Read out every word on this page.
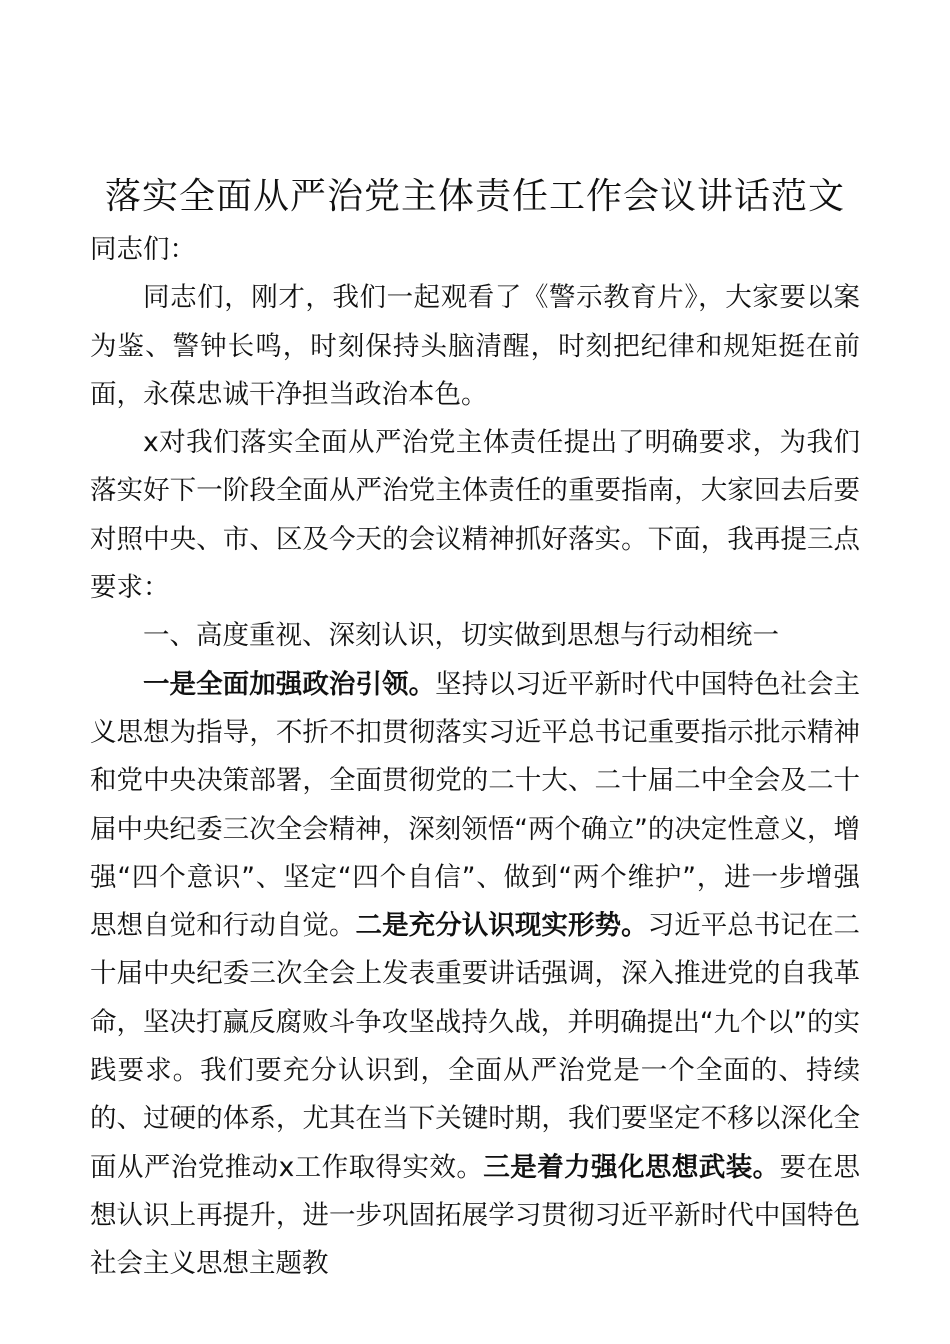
落实全面从严治党主体责任工作会议讲话范文

同志们：

同志们，刚才，我们一起观看了《警示教育片》，大家要以案为鉴、警钟长鸣，时刻保持头脑清醒，时刻把纪律和规矩挺在前面，永葆忠诚干净担当政治本色。

x对我们落实全面从严治党主体责任提出了明确要求，为我们落实好下一阶段全面从严治党主体责任的重要指南，大家回去后要对照中央、市、区及今天的会议精神抓好落实。下面，我再提三点要求：

一、高度重视、深刻认识，切实做到思想与行动相统一

一是全面加强政治引领。坚持以习近平新时代中国特色社会主义思想为指导，不折不扣贯彻落实习近平总书记重要指示批示精神和党中央决策部署，全面贯彻党的二十大、二十届二中全会及二十届中央纪委三次全会精神，深刻领悟“两个确立”的决定性意义，增强“四个意识”、坚定“四个自信”、做到“两个维护”，进一步增强思想自觉和行动自觉。二是充分认识现实形势。习近平总书记在二十届中央纪委三次全会上发表重要讲话强调，深入推进党的自我革命，坚决打赢反腐败斗争攻坚战持久战，并明确提出“九个以”的实践要求。我们要充分认识到，全面从严治党是一个全面的、持续的、过硬的体系，尤其在当下关键时期，我们要坚定不移以深化全面从严治党推动x工作取得实效。三是着力强化思想武装。要在思想认识上再提升，进一步巩固拓展学习贯彻习近平新时代中国特色社会主义思想主题教
